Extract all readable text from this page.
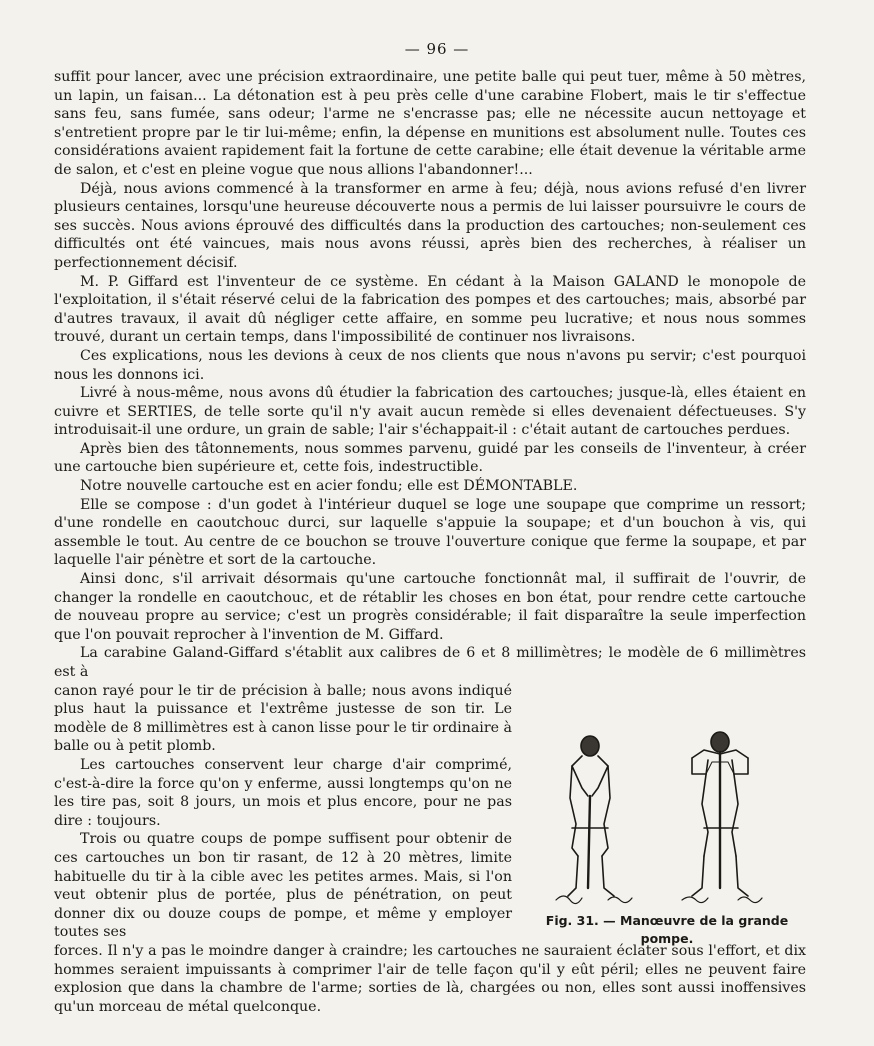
— 96 —

suffit pour lancer, avec une précision extraordinaire, une petite balle qui peut tuer, même à 50 mètres, un lapin, un faisan... La détonation est à peu près celle d'une carabine Flobert, mais le tir s'effectue sans feu, sans fumée, sans odeur; l'arme ne s'encrasse pas; elle ne nécessite aucun nettoyage et s'entretient propre par le tir lui-même; enfin, la dépense en munitions est absolument nulle. Toutes ces considérations avaient rapidement fait la fortune de cette carabine; elle était devenue la véritable arme de salon, et c'est en pleine vogue que nous allions l'abandonner!...

Déjà, nous avions commencé à la transformer en arme à feu; déjà, nous avions refusé d'en livrer plusieurs centaines, lorsqu'une heureuse découverte nous a permis de lui laisser poursuivre le cours de ses succès. Nous avions éprouvé des difficultés dans la production des cartouches; non-seulement ces difficultés ont été vaincues, mais nous avons réussi, après bien des recherches, à réaliser un perfectionnement décisif.

M. P. Giffard est l'inventeur de ce système. En cédant à la Maison GALAND le monopole de l'exploitation, il s'était réservé celui de la fabrication des pompes et des cartouches; mais, absorbé par d'autres travaux, il avait dû négliger cette affaire, en somme peu lucrative; et nous nous sommes trouvé, durant un certain temps, dans l'impossibilité de continuer nos livraisons.

Ces explications, nous les devions à ceux de nos clients que nous n'avons pu servir; c'est pourquoi nous les donnons ici.

Livré à nous-même, nous avons dû étudier la fabrication des cartouches; jusque-là, elles étaient en cuivre et SERTIES, de telle sorte qu'il n'y avait aucun remède si elles devenaient défectueuses. S'y introduisait-il une ordure, un grain de sable; l'air s'échappait-il : c'était autant de cartouches perdues.

Après bien des tâtonnements, nous sommes parvenu, guidé par les conseils de l'inventeur, à créer une cartouche bien supérieure et, cette fois, indestructible.

Notre nouvelle cartouche est en acier fondu; elle est DÉMONTABLE.

Elle se compose : d'un godet à l'intérieur duquel se loge une soupape que comprime un ressort; d'une rondelle en caoutchouc durci, sur laquelle s'appuie la soupape; et d'un bouchon à vis, qui assemble le tout. Au centre de ce bouchon se trouve l'ouverture conique que ferme la soupape, et par laquelle l'air pénètre et sort de la cartouche.

Ainsi donc, s'il arrivait désormais qu'une cartouche fonctionnât mal, il suffirait de l'ouvrir, de changer la rondelle en caoutchouc, et de rétablir les choses en bon état, pour rendre cette cartouche de nouveau propre au service; c'est un progrès considérable; il fait disparaître la seule imperfection que l'on pouvait reprocher à l'invention de M. Giffard.

La carabine Galand-Giffard s'établit aux calibres de 6 et 8 millimètres; le modèle de 6 millimètres est à

canon rayé pour le tir de précision à balle; nous avons indiqué plus haut la puissance et l'extrême justesse de son tir. Le modèle de 8 millimètres est à canon lisse pour le tir ordinaire à balle ou à petit plomb.

Les cartouches conservent leur charge d'air comprimé, c'est-à-dire la force qu'on y enferme, aussi longtemps qu'on ne les tire pas, soit 8 jours, un mois et plus encore, pour ne pas dire : toujours.

Trois ou quatre coups de pompe suffisent pour obtenir de ces cartouches un bon tir rasant, de 12 à 20 mètres, limite habituelle du tir à la cible avec les petites armes. Mais, si l'on veut obtenir plus de portée, plus de pénétration, on peut donner dix ou douze coups de pompe, et même y employer toutes ses

Fig. 31. — Manœuvre de la grande pompe.

forces. Il n'y a pas le moindre danger à craindre; les cartouches ne sauraient éclater sous l'effort, et dix hommes seraient impuissants à comprimer l'air de telle façon qu'il y eût péril; elles ne peuvent faire explosion que dans la chambre de l'arme; sorties de là, chargées ou non, elles sont aussi inoffensives qu'un morceau de métal quelconque.
